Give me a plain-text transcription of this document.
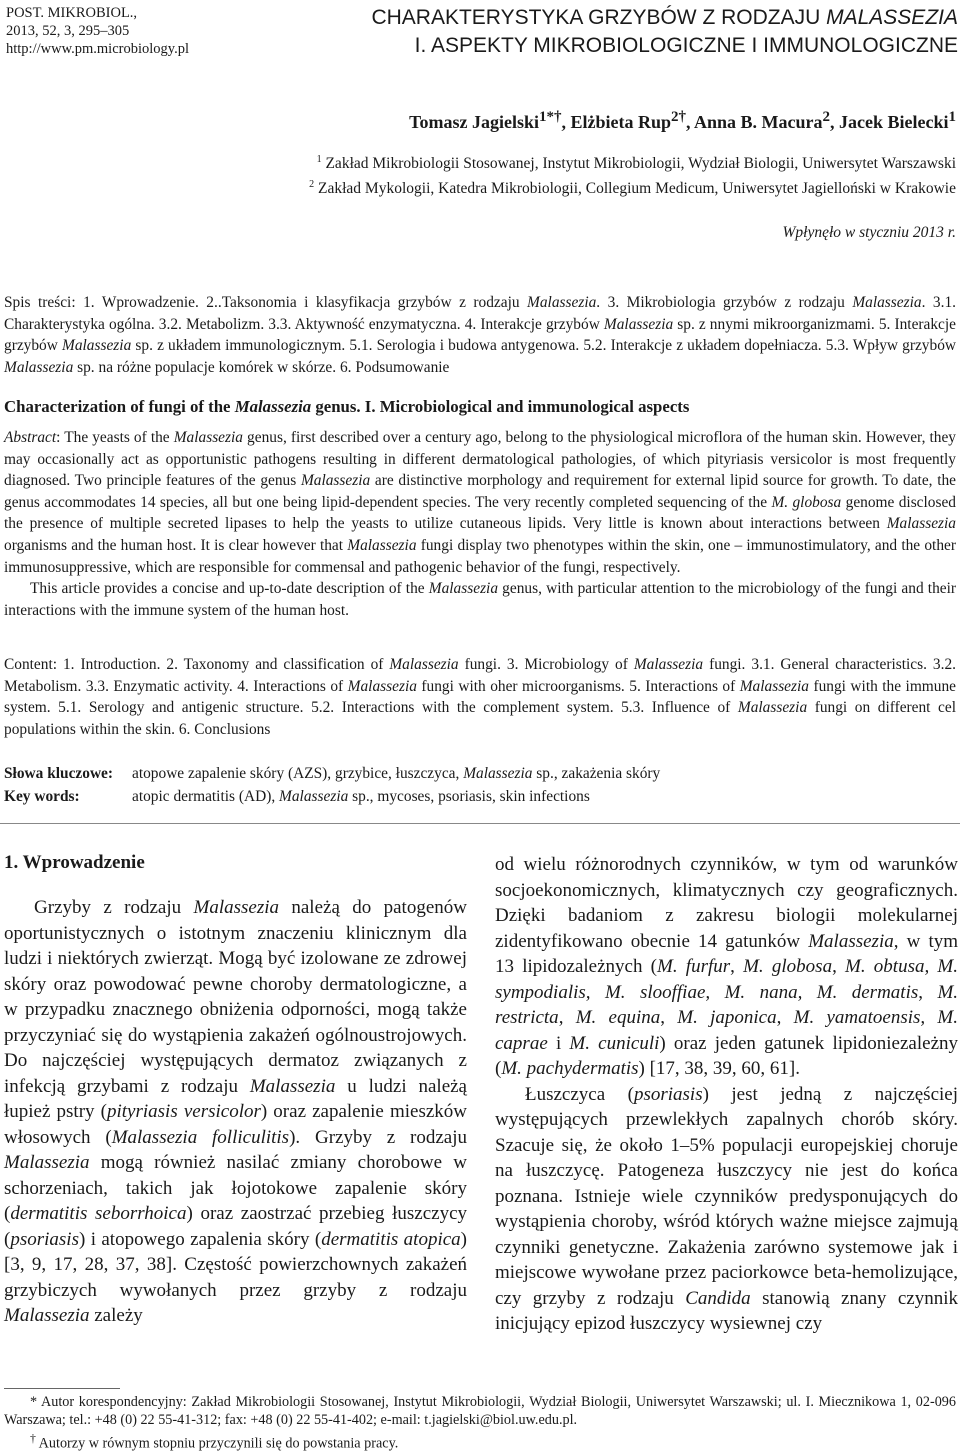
POST. MIKROBIOL.,
2013, 52, 3, 295–305
http://www.pm.microbiology.pl
CHARAKTERYSTYKA GRZYBÓW Z RODZAJU MALASSEZIA
I. ASPEKTY MIKROBIOLOGICZNE I IMMUNOLOGICZNE
Tomasz Jagielski$^{1*\dagger}$, Elżbieta Rup$^{2\dagger}$, Anna B. Macura$^2$, Jacek Bielecki$^1$
$^1$ Zakład Mikrobiologii Stosowanej, Instytut Mikrobiologii, Wydział Biologii, Uniwersytet Warszawski
$^2$ Zakład Mykologii, Katedra Mikrobiologii, Collegium Medicum, Uniwersytet Jagielloński w Krakowie
Wpłynęło w styczniu 2013 r.

Spis treści: 1. Wprowadzenie. 2..Taksonomia i klasyfikacja grzybów z rodzaju Malassezia. 3. Mikrobiologia grzybów z rodzaju Malassezia. 3.1. Charakterystyka ogólna. 3.2. Metabolizm. 3.3. Aktywność enzymatyczna. 4. Interakcje grzybów Malassezia sp. z nnymi mikroorganizmami. 5. Interakcje grzybów Malassezia sp. z układem immunologicznym. 5.1. Serologia i budowa antygenowa. 5.2. Interakcje z układem dopełniacza. 5.3. Wpływ grzybów Malassezia sp. na różne populacje komórek w skórze. 6. Podsumowanie

Characterization of fungi of the Malassezia genus. I. Microbiological and immunological aspects

Abstract: The yeasts of the Malassezia genus, first described over a century ago, belong to the physiological microflora of the human skin. However, they may occasionally act as opportunistic pathogens resulting in different dermatological pathologies, of which pityriasis versicolor is most frequently diagnosed. Two principle features of the genus Malassezia are distinctive morphology and requirement for external lipid source for growth. To date, the genus accommodates 14 species, all but one being lipid-dependent species. The very recently completed sequencing of the M. globosa genome disclosed the presence of multiple secreted lipases to help the yeasts to utilize cutaneous lipids. Very little is known about interactions between Malassezia organisms and the human host. It is clear however that Malassezia fungi display two phenotypes within the skin, one – immunostimulatory, and the other immunosuppressive, which are responsible for commensal and pathogenic behavior of the fungi, respectively.

This article provides a concise and up-to-date description of the Malassezia genus, with particular attention to the microbiology of the fungi and their interactions with the immune system of the human host.

Content: 1. Introduction. 2. Taxonomy and classification of Malassezia fungi. 3. Microbiology of Malassezia fungi. 3.1. General characteristics. 3.2. Metabolism. 3.3. Enzymatic activity. 4. Interactions of Malassezia fungi with oher microorganisms. 5. Interactions of Malassezia fungi with the immune system. 5.1. Serology and antigenic structure. 5.2. Interactions with the complement system. 5.3. Influence of Malassezia fungi on different cel populations within the skin. 6. Conclusions

Słowa kluczowe: atopowe zapalenie skóry (AZS), grzybice, łuszczyca, Malassezia sp., zakażenia skóry
Key words:	atopic dermatitis (AD), Malassezia sp., mycoses, psoriasis, skin infections
1. Wprowadzenie

Grzyby z rodzaju Malassezia należą do patogenów oportunistycznych o istotnym znaczeniu klinicznym dla ludzi i niektórych zwierząt. Mogą być izolowane ze zdrowej skóry oraz powodować pewne choroby dermatologiczne, a w przypadku znacznego obniżenia odporności, mogą także przyczyniać się do wystąpienia zakażeń ogólnoustrojowych. Do najczęściej występujących dermatoz związanych z infekcją grzybami z rodzaju Malassezia u ludzi należą łupież pstry (pityriasis versicolor) oraz zapalenie mieszków włosowych (Malassezia folliculitis). Grzyby z rodzaju Malassezia mogą również nasilać zmiany chorobowe w schorzeniach, takich jak łojotokowe zapalenie skóry (dermatitis seborrhoica) oraz zaostrzać przebieg łuszczycy (psoriasis) i atopowego zapalenia skóry (dermatitis atopica) [3, 9, 17, 28, 37, 38]. Częstość powierzchownych zakażeń grzybiczych wywołanych przez grzyby z rodzaju Malassezia zależy

od wielu różnorodnych czynników, w tym od warunków socjoekonomicznych, klimatycznych czy geograficznych. Dzięki badaniom z zakresu biologii molekularnej zidentyfikowano obecnie 14 gatunków Malassezia, w tym 13 lipidozależnych (M. furfur, M. globosa, M. obtusa, M. sympodialis, M. slooffiae, M. nana, M. dermatis, M. restricta, M. equina, M. japonica, M. yamatoensis, M. caprae i M. cuniculi) oraz jeden gatunek lipidoniezależny (M. pachydermatis) [17, 38, 39, 60, 61].

Łuszczyca (psoriasis) jest jedną z najczęściej występujących przewlekłych zapalnych chorób skóry. Szacuje się, że około 1–5% populacji europejskiej choruje na łuszczycę. Patogeneza łuszczycy nie jest do końca poznana. Istnieje wiele czynników predysponujących do wystąpienia choroby, wśród których ważne miejsce zajmują czynniki genetyczne. Zakażenia zarówno systemowe jak i miejscowe wywołane przez paciorkowce beta-hemolizujące, czy grzyby z rodzaju Candida stanowią znany czynnik inicjujący epizod łuszczycy wysiewnej czy

* Autor korespondencyjny: Zakład Mikrobiologii Stosowanej, Instytut Mikrobiologii, Wydział Biologii, Uniwersytet Warszawski; ul. I. Miecznikowa 1, 02-096 Warszawa; tel.: +48 (0) 22 55-41-312; fax: +48 (0) 22 55-41-402; e-mail: t.jagielski@biol.uw.edu.pl.

† Autorzy w równym stopniu przyczynili się do powstania pracy.
